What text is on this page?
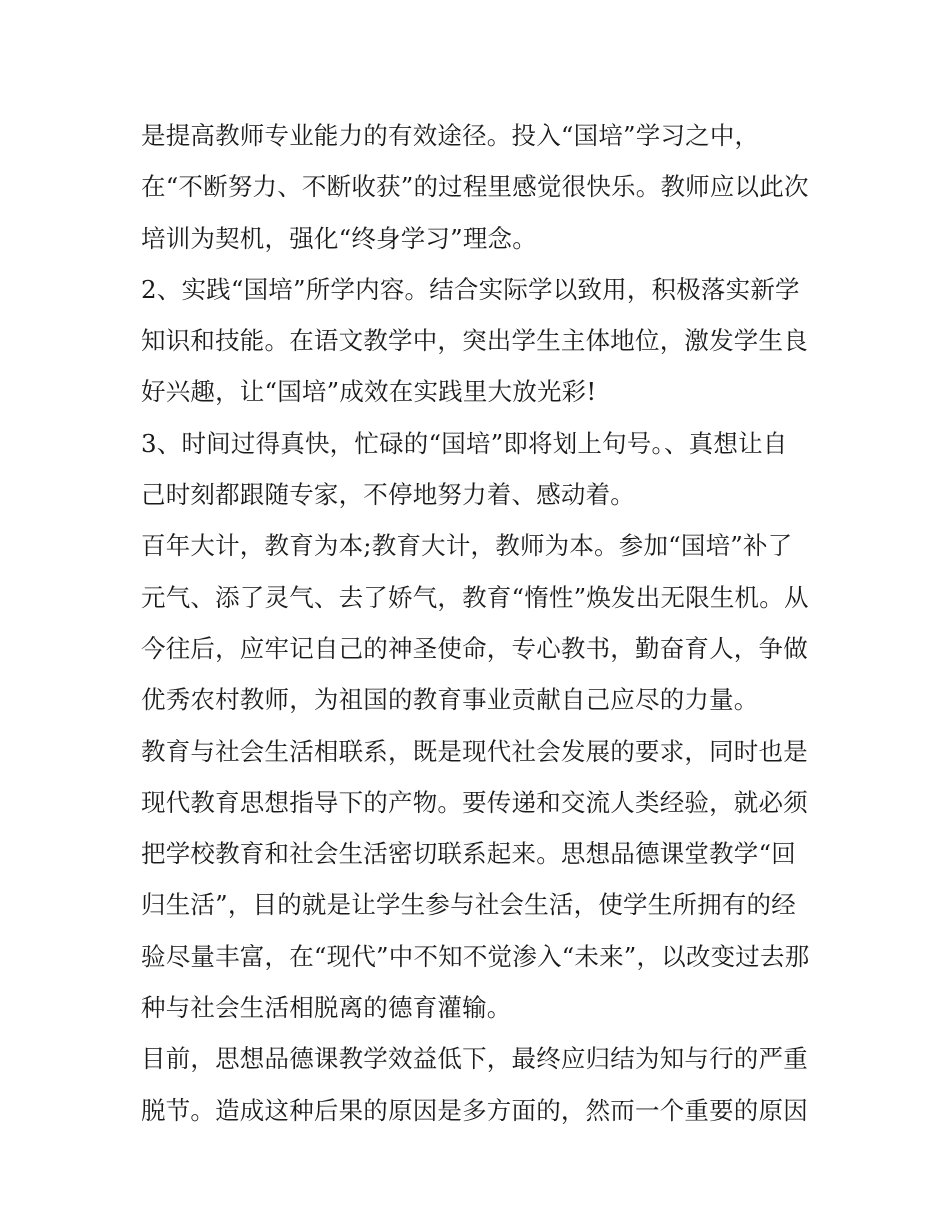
是提高教师专业能力的有效途径。投入“国培”学习之中，
在“不断努力、不断收获”的过程里感觉很快乐。教师应以此次
培训为契机，强化“终身学习”理念。
2、实践“国培”所学内容。结合实际学以致用，积极落实新学
知识和技能。在语文教学中，突出学生主体地位，激发学生良
好兴趣，让“国培”成效在实践里大放光彩!
3、时间过得真快，忙碌的“国培”即将划上句号。、真想让自
己时刻都跟随专家，不停地努力着、感动着。
百年大计，教育为本;教育大计，教师为本。参加“国培”补了
元气、添了灵气、去了娇气，教育“惰性”焕发出无限生机。从
今往后，应牢记自己的神圣使命，专心教书，勤奋育人，争做
优秀农村教师，为祖国的教育事业贡献自己应尽的力量。
教育与社会生活相联系，既是现代社会发展的要求，同时也是
现代教育思想指导下的产物。要传递和交流人类经验，就必须
把学校教育和社会生活密切联系起来。思想品德课堂教学“回
归生活”，目的就是让学生参与社会生活，使学生所拥有的经
验尽量丰富，在“现代”中不知不觉渗入“未来”，以改变过去那
种与社会生活相脱离的德育灌输。
目前，思想品德课教学效益低下，最终应归结为知与行的严重
脱节。造成这种后果的原因是多方面的，然而一个重要的原因
